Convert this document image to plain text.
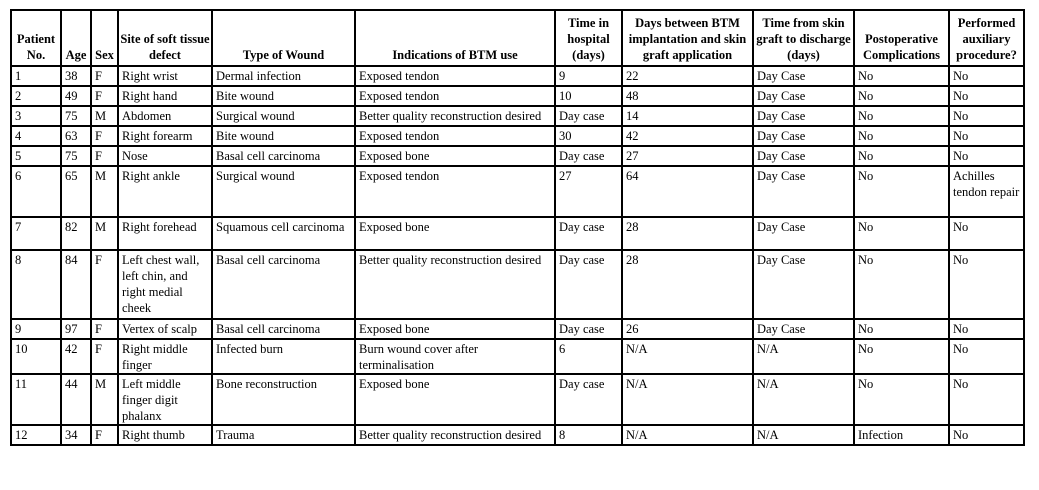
Patient No.	Age	Sex	Site of soft tissue defect	Type of Wound	Indications of BTM use	Time in hospital (days)	Days between BTM implantation and skin graft application	Time from skin graft to discharge (days)	Postoperative Complications	Performed auxiliary procedure?
1	38	F	Right wrist	Dermal infection	Exposed tendon	9	22	Day Case	No	No
2	49	F	Right hand	Bite wound	Exposed tendon	10	48	Day Case	No	No
3	75	M	Abdomen	Surgical wound	Better quality reconstruction desired	Day case	14	Day Case	No	No
4	63	F	Right forearm	Bite wound	Exposed tendon	30	42	Day Case	No	No
5	75	F	Nose	Basal cell carcinoma	Exposed bone	Day case	27	Day Case	No	No
6	65	M	Right ankle	Surgical wound	Exposed tendon	27	64	Day Case	No	Achilles tendon repair
7	82	M	Right forehead	Squamous cell carcinoma	Exposed bone	Day case	28	Day Case	No	No
8	84	F	Left chest wall, left chin, and right medial cheek	Basal cell carcinoma	Better quality reconstruction desired	Day case	28	Day Case	No	No
9	97	F	Vertex of scalp	Basal cell carcinoma	Exposed bone	Day case	26	Day Case	No	No
10	42	F	Right middle finger	Infected burn	Burn wound cover after terminalisation	6	N/A	N/A	No	No
11	44	M	Left middle finger digit phalanx	Bone reconstruction	Exposed bone	Day case	N/A	N/A	No	No
12	34	F	Right thumb	Trauma	Better quality reconstruction desired	8	N/A	N/A	Infection	No
